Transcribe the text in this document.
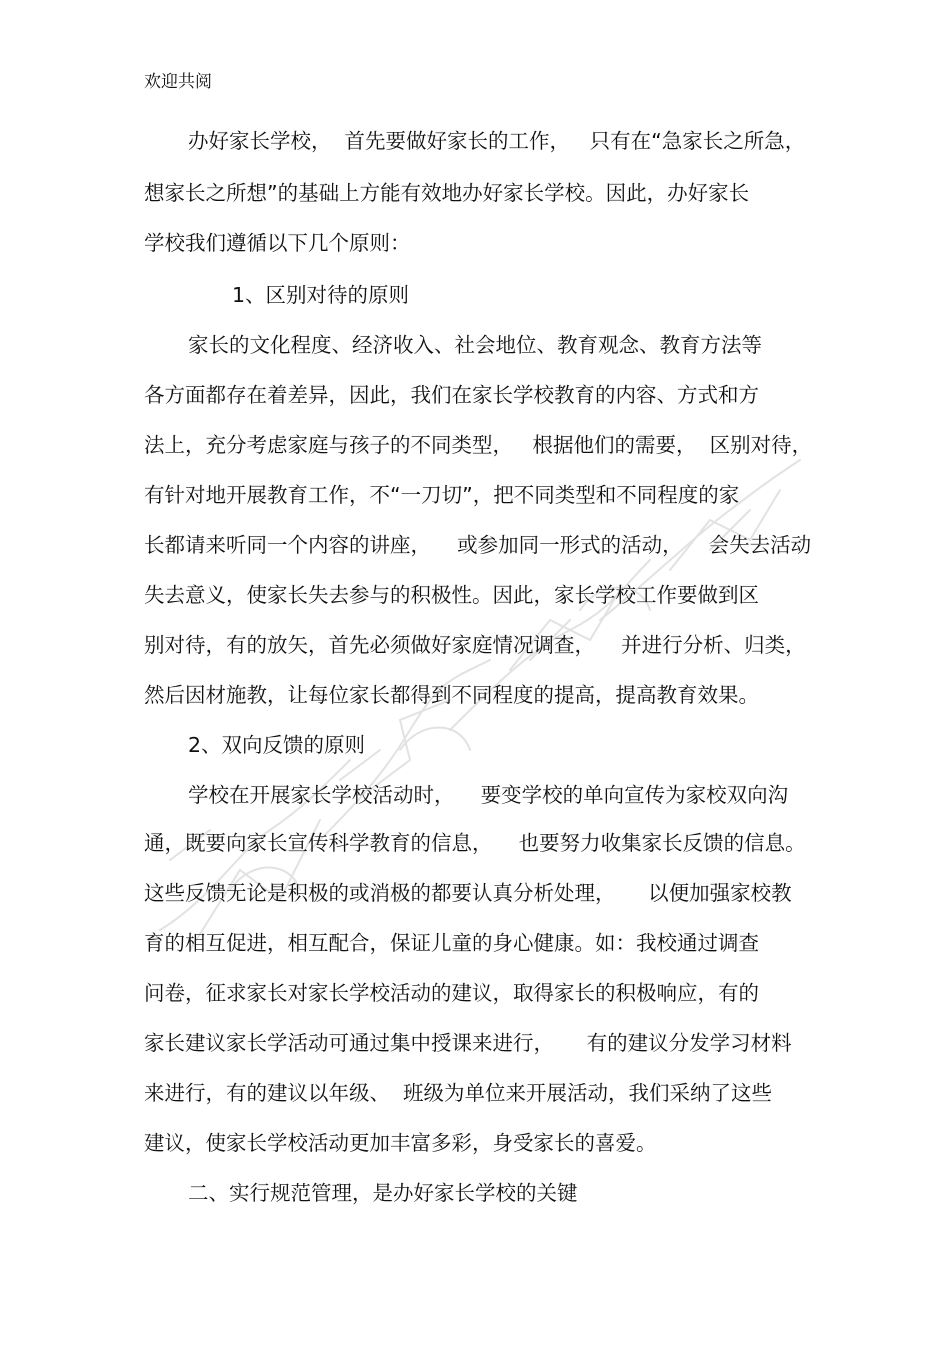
欢迎共阅
办好家长学校，  首先要做好家长的工作，   只有在“急家长之所急，
想家长之所想”的基础上方能有效地办好家长学校。因此，办好家长
学校我们遵循以下几个原则：
1、区别对待的原则
家长的文化程度、经济收入、社会地位、教育观念、教育方法等
各方面都存在着差异，因此，我们在家长学校教育的内容、方式和方
法上，充分考虑家庭与孩子的不同类型，   根据他们的需要，  区别对待，
有针对地开展教育工作，不“一刀切”，把不同类型和不同程度的家
长都请来听同一个内容的讲座，    或参加同一形式的活动，    会失去活动
失去意义，使家长失去参与的积极性。因此，家长学校工作要做到区
别对待，有的放矢，首先必须做好家庭情况调查，    并进行分析、归类，
然后因材施教，让每位家长都得到不同程度的提高，提高教育效果。
2、双向反馈的原则
学校在开展家长学校活动时，    要变学校的单向宣传为家校双向沟
通，既要向家长宣传科学教育的信息，    也要努力收集家长反馈的信息。
这些反馈无论是积极的或消极的都要认真分析处理，     以便加强家校教
育的相互促进，相互配合，保证儿童的身心健康。如：我校通过调查
问卷，征求家长对家长学校活动的建议，取得家长的积极响应，有的
家长建议家长学活动可通过集中授课来进行，     有的建议分发学习材料
来进行，有的建议以年级、  班级为单位来开展活动，我们采纳了这些
建议，使家长学校活动更加丰富多彩，身受家长的喜爱。
二、实行规范管理，是办好家长学校的关键
